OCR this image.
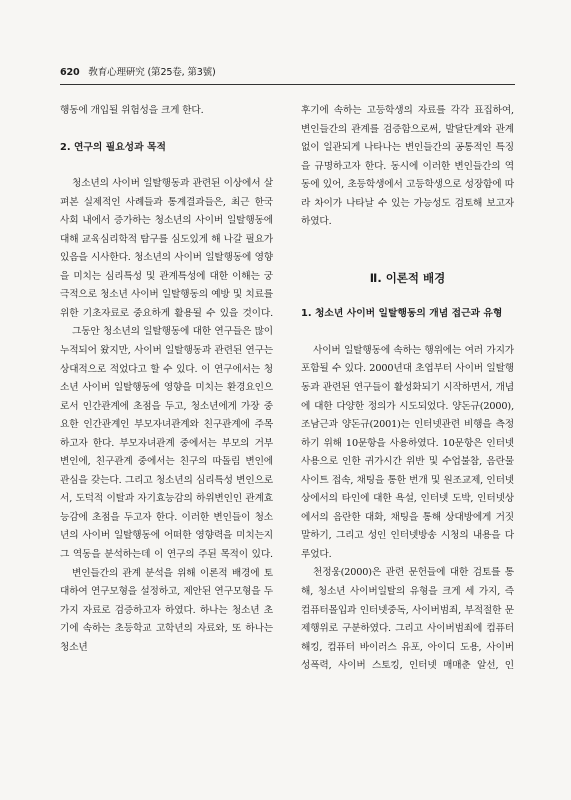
620 敎育心理硏究 (第25卷, 第3號)

행동에 개입될 위험성을 크게 한다.

2. 연구의 필요성과 목적

청소년의 사이버 일탈행동과 관련된 이상에서 살펴본 실제적인 사례들과 통계결과들은, 최근 한국 사회 내에서 증가하는 청소년의 사이버 일탈행동에 대해 교육심리학적 탐구를 심도있게 해 나갈 필요가 있음을 시사한다. 청소년의 사이버 일탈행동에 영향을 미치는 심리특성 및 관계특성에 대한 이해는 궁극적으로 청소년 사이버 일탈행동의 예방 및 치료를 위한 기초자료로 중요하게 활용될 수 있을 것이다.

그동안 청소년의 일탈행동에 대한 연구들은 많이 누적되어 왔지만, 사이버 일탈행동과 관련된 연구는 상대적으로 적었다고 할 수 있다. 이 연구에서는 청소년 사이버 일탈행동에 영향을 미치는 환경요인으로서 인간관계에 초점을 두고, 청소년에게 가장 중요한 인간관계인 부모자녀관계와 친구관계에 주목하고자 한다. 부모자녀관계 중에서는 부모의 거부 변인에, 친구관계 중에서는 친구의 따돌림 변인에 관심을 갖는다. 그리고 청소년의 심리특성 변인으로서, 도덕적 이탈과 자기효능감의 하위변인인 관계효능감에 초점을 두고자 한다. 이러한 변인들이 청소년의 사이버 일탈행동에 어떠한 영향력을 미치는지 그 역동을 분석하는데 이 연구의 주된 목적이 있다.

변인들간의 관계 분석을 위해 이론적 배경에 토대하여 연구모형을 설정하고, 제안된 연구모형을 두 가지 자료로 검증하고자 하였다. 하나는 청소년 초기에 속하는 초등학교 고학년의 자료와, 또 하나는 청소년

후기에 속하는 고등학생의 자료를 각각 표집하여, 변인들간의 관계를 검증함으로써, 발달단계와 관계없이 일관되게 나타나는 변인들간의 공통적인 특징을 규명하고자 한다. 동시에 이러한 변인들간의 역동에 있어, 초등학생에서 고등학생으로 성장함에 따라 차이가 나타날 수 있는 가능성도 검토해 보고자 하였다.

Ⅱ. 이론적 배경
1. 청소년 사이버 일탈행동의 개념 접근과 유형

사이버 일탈행동에 속하는 행위에는 여러 가지가 포함될 수 있다. 2000년대 초엽부터 사이버 일탈행동과 관련된 연구들이 활성화되기 시작하면서, 개념에 대한 다양한 정의가 시도되었다. 양돈규(2000), 조남근과 양돈규(2001)는 인터넷관련 비행을 측정하기 위해 10문항을 사용하였다. 10문항은 인터넷 사용으로 인한 귀가시간 위반 및 수업불참, 음란물 사이트 접속, 채팅을 통한 번개 및 원조교제, 인터넷상에서의 타인에 대한 욕설, 인터넷 도박, 인터넷상에서의 음란한 대화, 채팅을 통해 상대방에게 거짓말하기, 그리고 성인 인터넷방송 시청의 내용을 다루었다.

천정웅(2000)은 관련 문헌들에 대한 검토를 통해, 청소년 사이버일탈의 유형을 크게 세 가지, 즉 컴퓨터몰입과 인터넷중독, 사이버범죄, 부적절한 문제행위로 구분하였다. 그리고 사이버범죄에 컴퓨터 해킹, 컴퓨터 바이러스 유포, 아이디 도용, 사이버 성폭력, 사이버 스토킹, 인터넷 매매춘 알선, 인
